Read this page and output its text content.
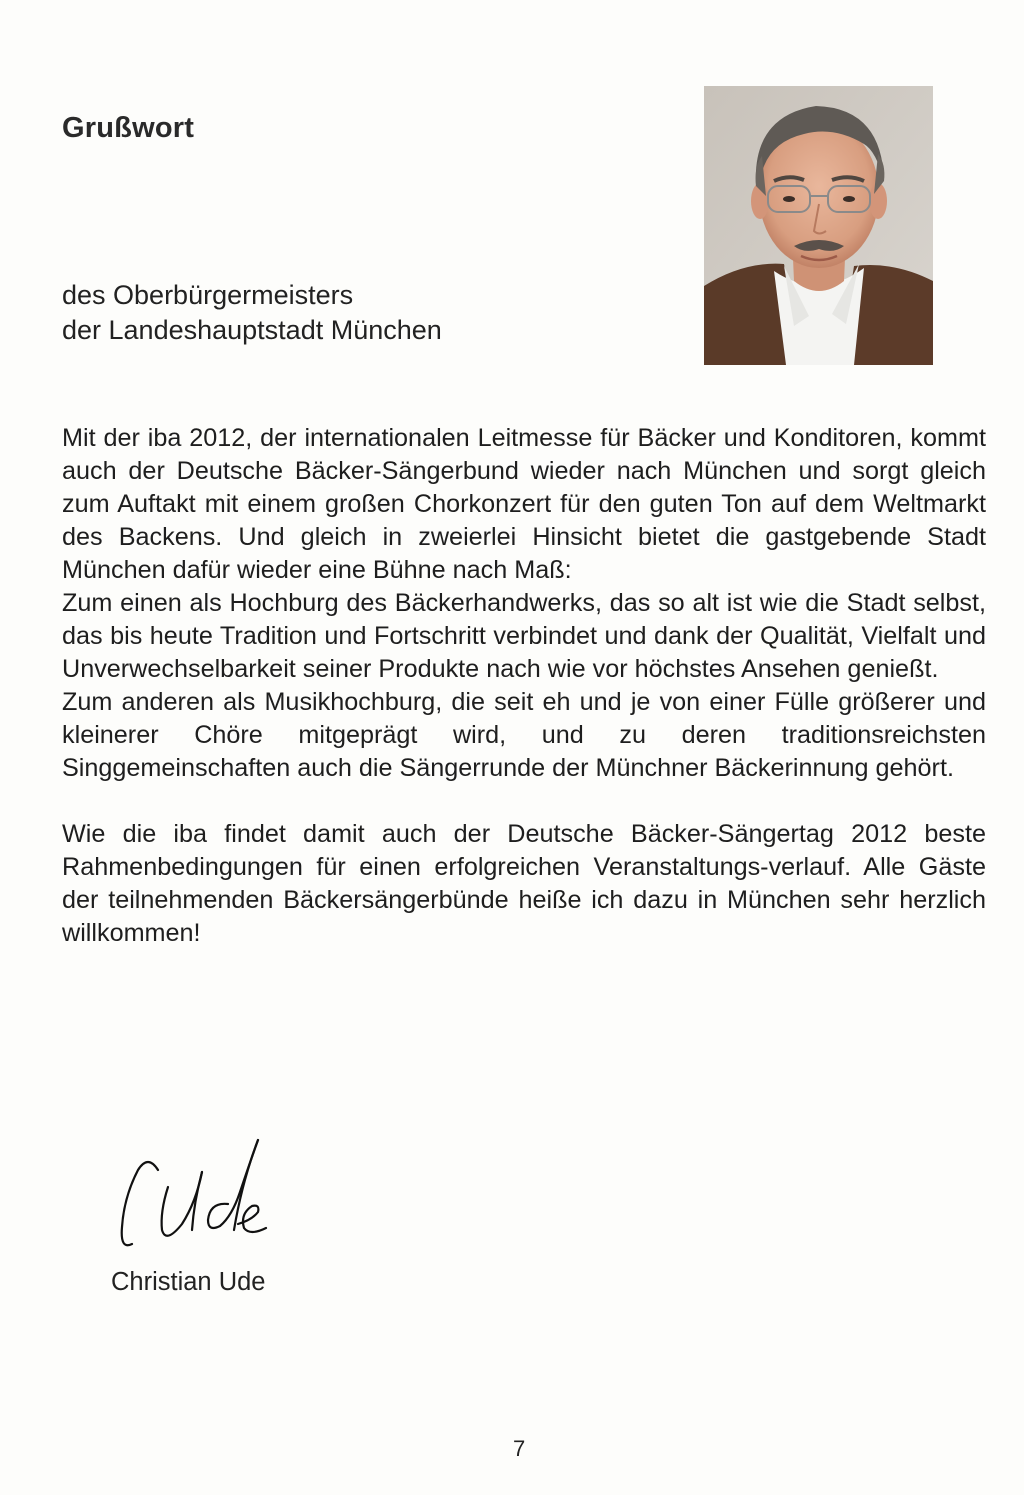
Grußwort
des Oberbürgermeisters
der Landeshauptstadt München

Mit der iba 2012, der internationalen Leitmesse für Bäcker und Konditoren, kommt auch der Deutsche Bäcker-Sängerbund wieder nach München und sorgt gleich zum Auftakt mit einem großen Chorkonzert für den guten Ton auf dem Weltmarkt des Backens. Und gleich in zweierlei Hinsicht bietet die gastgebende Stadt München dafür wieder eine Bühne nach Maß:

Zum einen als Hochburg des Bäckerhandwerks, das so alt ist wie die Stadt selbst, das bis heute Tradition und Fortschritt verbindet und dank der Qualität, Vielfalt und Unverwechselbarkeit seiner Produkte nach wie vor höchstes Ansehen genießt.

Zum anderen als Musikhochburg, die seit eh und je von einer Fülle größerer und kleinerer Chöre mitgeprägt wird, und zu deren traditionsreichsten Singgemeinschaften auch die Sängerrunde der Münchner Bäckerinnung gehört.

Wie die iba findet damit auch der Deutsche Bäcker-Sängertag 2012 beste Rahmenbedingungen für einen erfolgreichen Veranstaltungs-verlauf. Alle Gäste der teilnehmenden Bäckersängerbünde heiße ich dazu in München sehr herzlich willkommen!

Christian Ude
7
